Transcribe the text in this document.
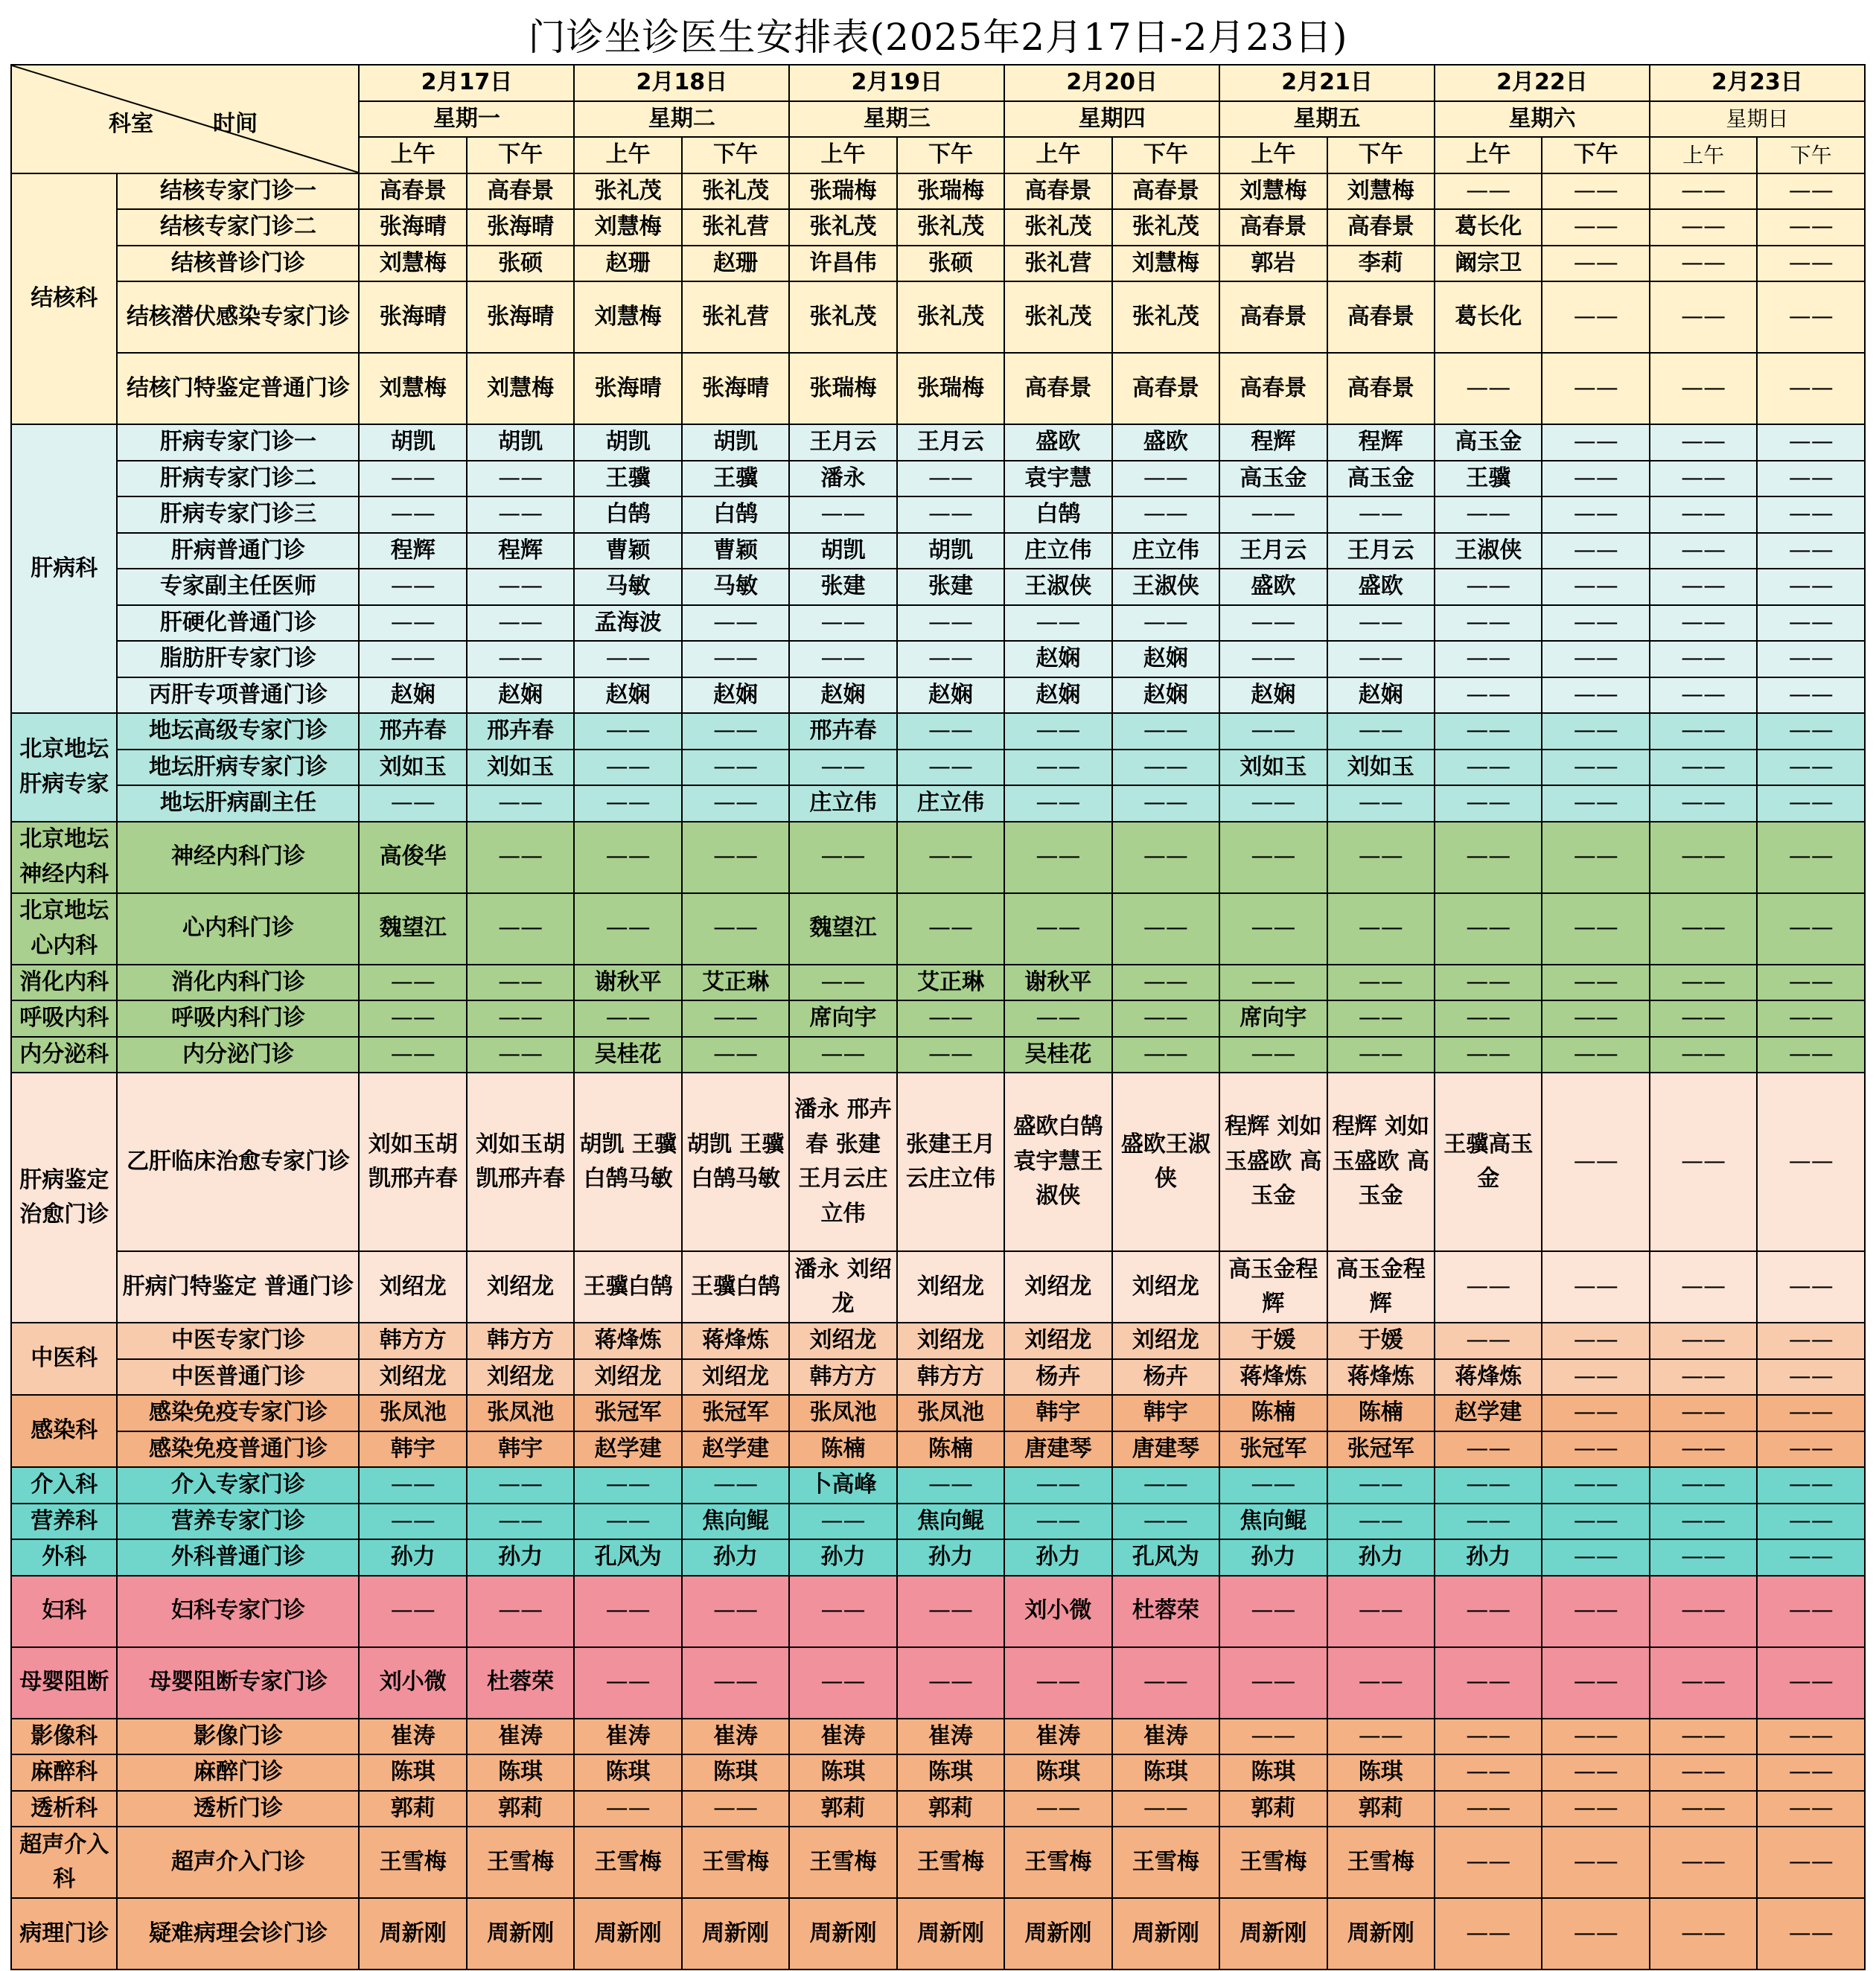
门诊坐诊医生安排表(2025年2月17日-2月23日)
科室 时间		2月17日		2月18日		2月19日		2月20日		2月21日		2月22日		2月23日	
		星期一		星期二		星期三		星期四		星期五		星期六		星期日	
		上午	下午	上午	下午	上午	下午	上午	下午	上午	下午	上午	下午	上午	下午
结核科	结核专家门诊一	高春景	高春景	张礼茂	张礼茂	张瑞梅	张瑞梅	高春景	高春景	刘慧梅	刘慧梅	——	——	——	——
	结核专家门诊二	张海晴	张海晴	刘慧梅	张礼营	张礼茂	张礼茂	张礼茂	张礼茂	高春景	高春景	葛长化	——	——	——
	结核普诊门诊	刘慧梅	张硕	赵珊	赵珊	许昌伟	张硕	张礼营	刘慧梅	郭岩	李莉	阚宗卫	——	——	——
	结核潜伏感染专家门诊	张海晴	张海晴	刘慧梅	张礼营	张礼茂	张礼茂	张礼茂	张礼茂	高春景	高春景	葛长化	——	——	——
	结核门特鉴定普通门诊	刘慧梅	刘慧梅	张海晴	张海晴	张瑞梅	张瑞梅	高春景	高春景	高春景	高春景	——	——	——	——
肝病科	肝病专家门诊一	胡凯	胡凯	胡凯	胡凯	王月云	王月云	盛欧	盛欧	程辉	程辉	高玉金	——	——	——
	肝病专家门诊二	——	——	王骥	王骥	潘永	——	袁宇慧	——	高玉金	高玉金	王骥	——	——	——
	肝病专家门诊三	——	——	白鹄	白鹄	——	——	白鹄	——	——	——	——	——	——	——
	肝病普通门诊	程辉	程辉	曹颖	曹颖	胡凯	胡凯	庄立伟	庄立伟	王月云	王月云	王淑侠	——	——	——
	专家副主任医师	——	——	马敏	马敏	张建	张建	王淑侠	王淑侠	盛欧	盛欧	——	——	——	——
	肝硬化普通门诊	——	——	孟海波	——	——	——	——	——	——	——	——	——	——	——
	脂肪肝专家门诊	——	——	——	——	——	——	赵娴	赵娴	——	——	——	——	——	——
	丙肝专项普通门诊	赵娴	赵娴	赵娴	赵娴	赵娴	赵娴	赵娴	赵娴	赵娴	赵娴	——	——	——	——
北京地坛肝病专家	地坛高级专家门诊	邢卉春	邢卉春	——	——	邢卉春	——	——	——	——	——	——	——	——	——
	地坛肝病专家门诊	刘如玉	刘如玉	——	——	——	——	——	——	刘如玉	刘如玉	——	——	——	——
	地坛肝病副主任	——	——	——	——	庄立伟	庄立伟	——	——	——	——	——	——	——	——
北京地坛神经内科	神经内科门诊	高俊华	——	——	——	——	——	——	——	——	——	——	——	——	——
北京地坛心内科	心内科门诊	魏望江	——	——	——	魏望江	——	——	——	——	——	——	——	——	——
消化内科	消化内科门诊	——	——	谢秋平	艾正琳	——	艾正琳	谢秋平	——	——	——	——	——	——	——
呼吸内科	呼吸内科门诊	——	——	——	——	席向宇	——	——	——	席向宇	——	——	——	——	——
内分泌科	内分泌门诊	——	——	吴桂花	——	——	——	吴桂花	——	——	——	——	——	——	——
肝病鉴定治愈门诊	乙肝临床治愈专家门诊	刘如玉胡凯邢卉春	刘如玉胡凯邢卉春	胡凯 王骥 白鹄马敏	胡凯 王骥 白鹄马敏	潘永 邢卉春 张建 王月云庄立伟	张建王月云庄立伟	盛欧白鹄袁宇慧王淑侠	盛欧王淑侠	程辉 刘如玉盛欧 高玉金	程辉 刘如玉盛欧 高玉金	王骥高玉金	——	——	——
	肝病门特鉴定 普通门诊	刘绍龙	刘绍龙	王骥白鹄	王骥白鹄	潘永 刘绍龙	刘绍龙	刘绍龙	刘绍龙	高玉金程辉	高玉金程辉	——	——	——	——
中医科	中医专家门诊	韩方方	韩方方	蒋烽炼	蒋烽炼	刘绍龙	刘绍龙	刘绍龙	刘绍龙	于媛	于媛	——	——	——	——
	中医普通门诊	刘绍龙	刘绍龙	刘绍龙	刘绍龙	韩方方	韩方方	杨卉	杨卉	蒋烽炼	蒋烽炼	蒋烽炼	——	——	——
感染科	感染免疫专家门诊	张凤池	张凤池	张冠军	张冠军	张凤池	张凤池	韩宇	韩宇	陈楠	陈楠	赵学建	——	——	——
	感染免疫普通门诊	韩宇	韩宇	赵学建	赵学建	陈楠	陈楠	唐建琴	唐建琴	张冠军	张冠军	——	——	——	——
介入科	介入专家门诊	——	——	——	——	卜高峰	——	——	——	——	——	——	——	——	——
营养科	营养专家门诊	——	——	——	焦向鲲	——	焦向鲲	——	——	焦向鲲	——	——	——	——	——
外科	外科普通门诊	孙力	孙力	孔风为	孙力	孙力	孙力	孙力	孔风为	孙力	孙力	孙力	——	——	——
妇科	妇科专家门诊	——	——	——	——	——	——	刘小微	杜蓉荣	——	——	——	——	——	——
母婴阻断	母婴阻断专家门诊	刘小微	杜蓉荣	——	——	——	——	——	——	——	——	——	——	——	——
影像科	影像门诊	崔涛	崔涛	崔涛	崔涛	崔涛	崔涛	崔涛	崔涛	——	——	——	——	——	——
麻醉科	麻醉门诊	陈琪	陈琪	陈琪	陈琪	陈琪	陈琪	陈琪	陈琪	陈琪	陈琪	——	——	——	——
透析科	透析门诊	郭莉	郭莉	——	——	郭莉	郭莉	——	——	郭莉	郭莉	——	——	——	——
超声介入科	超声介入门诊	王雪梅	王雪梅	王雪梅	王雪梅	王雪梅	王雪梅	王雪梅	王雪梅	王雪梅	王雪梅	——	——	——	——
病理门诊	疑难病理会诊门诊	周新刚	周新刚	周新刚	周新刚	周新刚	周新刚	周新刚	周新刚	周新刚	周新刚	——	——	——	——
